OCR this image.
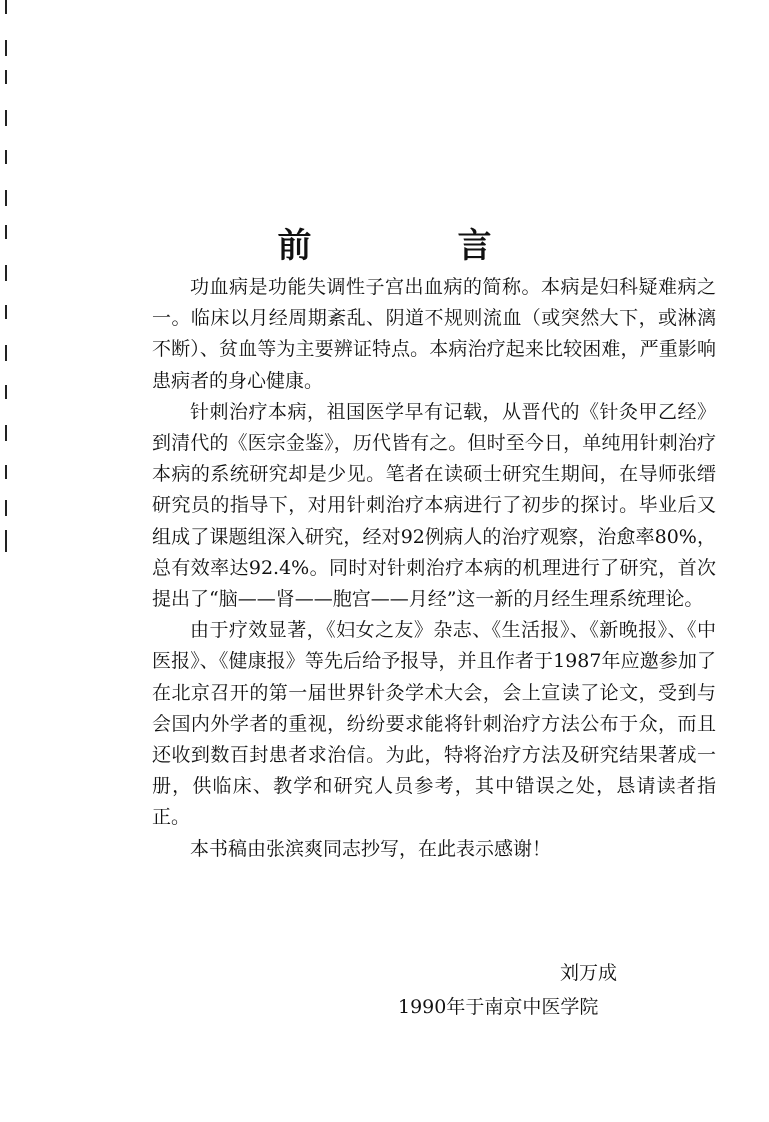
前　言

功血病是功能失调性子宫出血病的简称。本病是妇科疑难病之一。临床以月经周期紊乱、阴道不规则流血（或突然大下，或淋漓不断）、贫血等为主要辨证特点。本病治疗起来比较困难，严重影响患病者的身心健康。

针刺治疗本病，祖国医学早有记载，从晋代的《针灸甲乙经》到清代的《医宗金鉴》，历代皆有之。但时至今日，单纯用针刺治疗本病的系统研究却是少见。笔者在读硕士研究生期间，在导师张缙研究员的指导下，对用针刺治疗本病进行了初步的探讨。毕业后又组成了课题组深入研究，经对92例病人的治疗观察，治愈率80%，总有效率达92.4%。同时对针刺治疗本病的机理进行了研究，首次提出了“脑——肾——胞宫——月经”这一新的月经生理系统理论。

由于疗效显著，《妇女之友》杂志、《生活报》、《新晚报》、《中医报》、《健康报》等先后给予报导，并且作者于1987年应邀参加了在北京召开的第一届世界针灸学术大会，会上宣读了论文，受到与会国内外学者的重视，纷纷要求能将针刺治疗方法公布于众，而且还收到数百封患者求治信。为此，特将治疗方法及研究结果著成一册，供临床、教学和研究人员参考，其中错误之处，恳请读者指正。

本书稿由张滨爽同志抄写，在此表示感谢！

刘万成
1990年于南京中医学院
